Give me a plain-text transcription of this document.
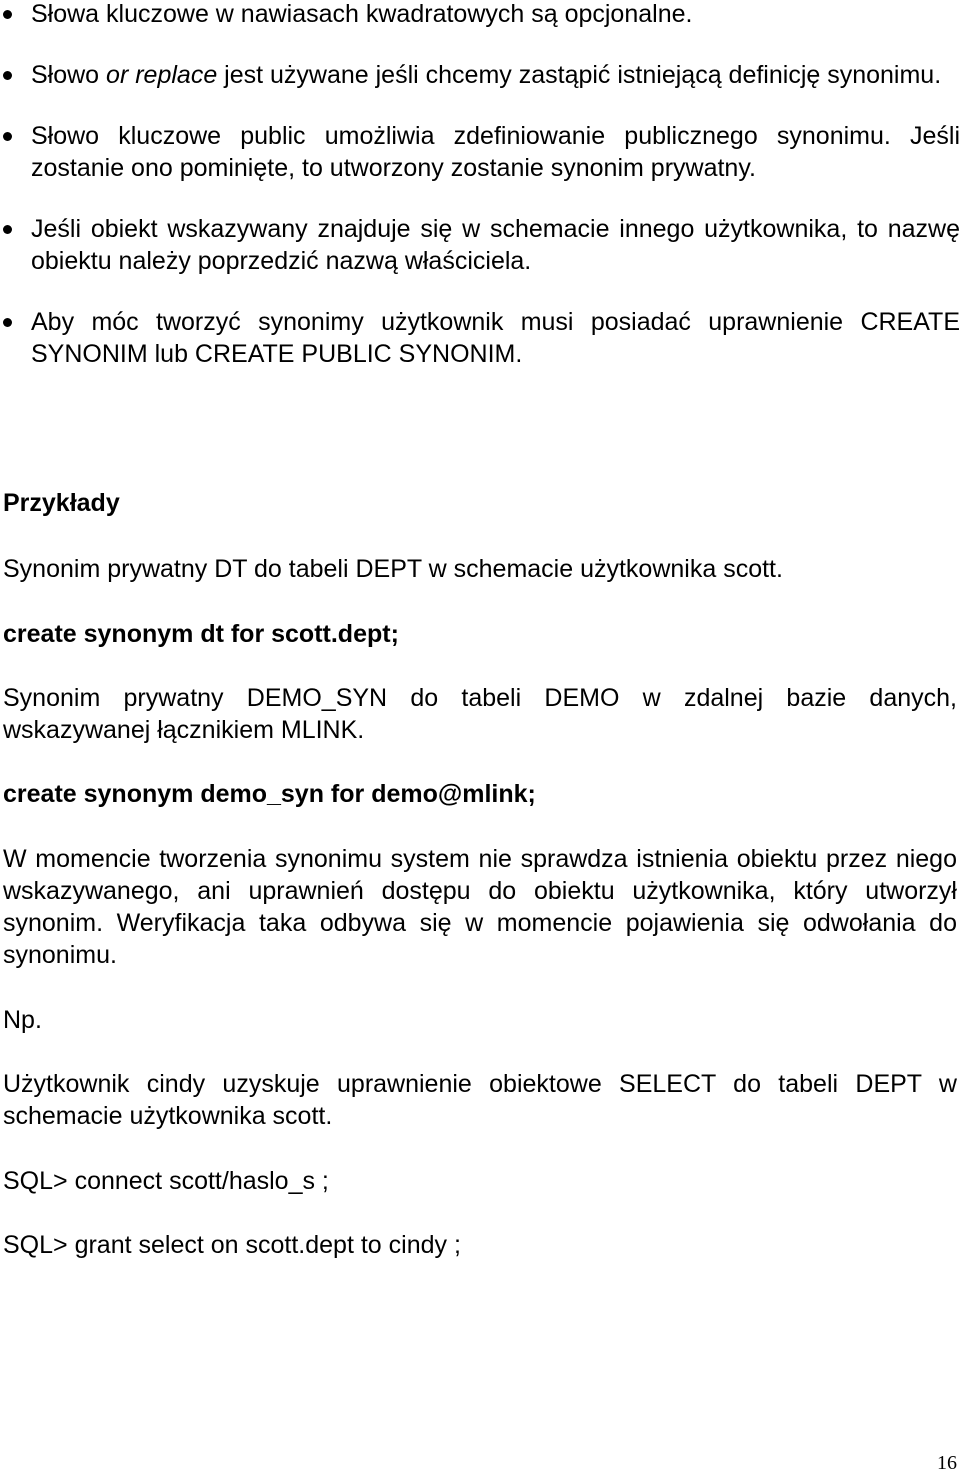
Słowa kluczowe w nawiasach kwadratowych są opcjonalne.
Słowo or replace jest używane jeśli chcemy zastąpić istniejącą definicję synonimu.
Słowo kluczowe public umożliwia zdefiniowanie publicznego synonimu. Jeśli zostanie ono pominięte, to utworzony zostanie synonim prywatny.
Jeśli obiekt wskazywany znajduje się w schemacie innego użytkownika, to nazwę obiektu należy poprzedzić nazwą właściciela.
Aby móc tworzyć synonimy użytkownik musi posiadać uprawnienie CREATE SYNONIM lub CREATE PUBLIC SYNONIM.
Przykłady
Synonim prywatny DT do tabeli DEPT w schemacie użytkownika scott.
create synonym dt for scott.dept;
Synonim prywatny DEMO_SYN do tabeli DEMO w zdalnej bazie danych, wskazywanej łącznikiem MLINK.
create synonym demo_syn for demo@mlink;
W momencie tworzenia synonimu system nie sprawdza istnienia obiektu przez niego wskazywanego, ani uprawnień dostępu do obiektu użytkownika, który utworzył synonim. Weryfikacja taka odbywa się w momencie pojawienia się odwołania do synonimu.
Np.
Użytkownik cindy uzyskuje uprawnienie obiektowe SELECT do tabeli DEPT w schemacie użytkownika scott.
SQL> connect scott/haslo_s ;
SQL> grant select on scott.dept to cindy ;
16
